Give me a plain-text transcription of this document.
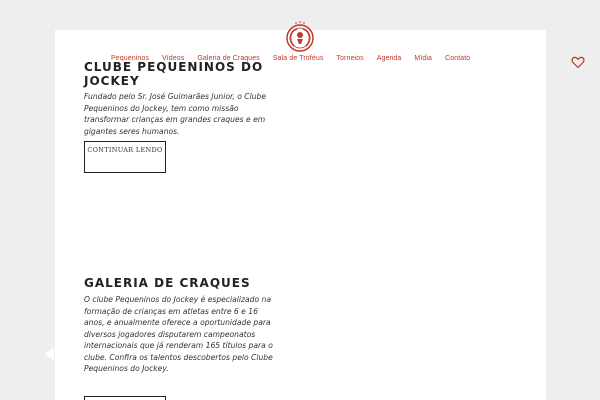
Pequeninos Vídeos Galeria de Craques Sala de Troféus Torneios Agenda Mídia Contato
CLUBE PEQUENINOS DO JOCKEY

Fundado pelo Sr. José Guimarães Junior, o Clube Pequeninos do Jockey, tem como missão transformar crianças em grandes craques e em gigantes seres humanos.

CONTINUAR LENDO
GALERIA DE CRAQUES

O clube Pequeninos do Jockey é especializado na formação de crianças em atletas entre 6 e 16 anos, e anualmente oferece a oportunidade para diversos jogadores disputarem campeonatos internacionais que já renderam 165 títulos para o clube. Confira os talentos descobertos pelo Clube Pequeninos do Jockey.
